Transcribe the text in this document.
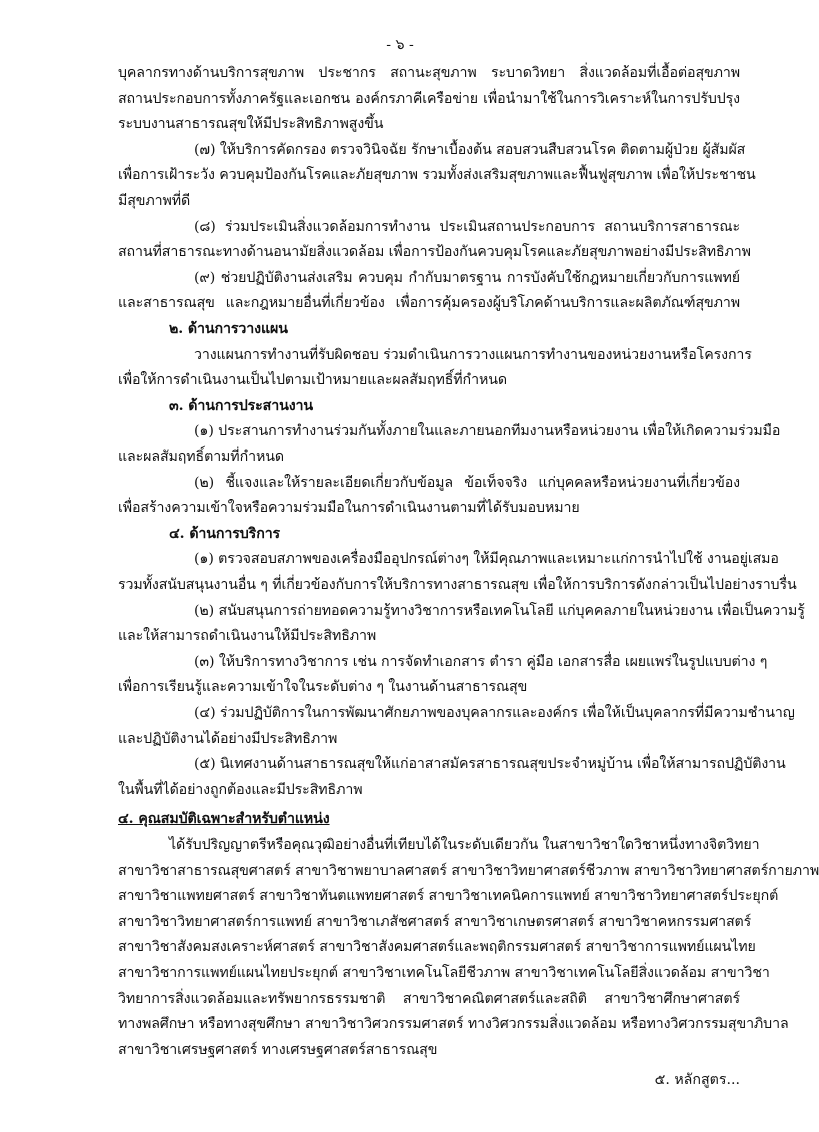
- ๖ -
บุคลากรทางด้านบริการสุขภาพ ประชากร สถานะสุขภาพ ระบาดวิทยา สิ่งแวดล้อมที่เอื้อต่อสุขภาพ
สถานประกอบการทั้งภาครัฐและเอกชน องค์กรภาคีเครือข่าย เพื่อนำมาใช้ในการวิเคราะห์ในการปรับปรุง
ระบบงานสาธารณสุขให้มีประสิทธิภาพสูงขึ้น
(๗) ให้บริการคัดกรอง ตรวจวินิจฉัย รักษาเบื้องต้น สอบสวนสืบสวนโรค ติดตามผู้ป่วย ผู้สัมผัส
เพื่อการเฝ้าระวัง ควบคุมป้องกันโรคและภัยสุขภาพ รวมทั้งส่งเสริมสุขภาพและฟื้นฟูสุขภาพ เพื่อให้ประชาชน
มีสุขภาพที่ดี
(๘) ร่วมประเมินสิ่งแวดล้อมการทำงาน ประเมินสถานประกอบการ สถานบริการสาธารณะ
สถานที่สาธารณะทางด้านอนามัยสิ่งแวดล้อม เพื่อการป้องกันควบคุมโรคและภัยสุขภาพอย่างมีประสิทธิภาพ
(๙) ช่วยปฏิบัติงานส่งเสริม ควบคุม กำกับมาตรฐาน การบังคับใช้กฎหมายเกี่ยวกับการแพทย์
และสาธารณสุข และกฎหมายอื่นที่เกี่ยวข้อง เพื่อการคุ้มครองผู้บริโภคด้านบริการและผลิตภัณฑ์สุขภาพ
๒. ด้านการวางแผน
วางแผนการทำงานที่รับผิดชอบ ร่วมดำเนินการวางแผนการทำงานของหน่วยงานหรือโครงการ
เพื่อให้การดำเนินงานเป็นไปตามเป้าหมายและผลสัมฤทธิ์ที่กำหนด
๓. ด้านการประสานงาน
(๑) ประสานการทำงานร่วมกันทั้งภายในและภายนอกทีมงานหรือหน่วยงาน เพื่อให้เกิดความร่วมมือ
และผลสัมฤทธิ์ตามที่กำหนด
(๒) ชี้แจงและให้รายละเอียดเกี่ยวกับข้อมูล ข้อเท็จจริง แก่บุคคลหรือหน่วยงานที่เกี่ยวข้อง
เพื่อสร้างความเข้าใจหรือความร่วมมือในการดำเนินงานตามที่ได้รับมอบหมาย
๔. ด้านการบริการ
(๑) ตรวจสอบสภาพของเครื่องมืออุปกรณ์ต่างๆ ให้มีคุณภาพและเหมาะแก่การนำไปใช้ งานอยู่เสมอ
รวมทั้งสนับสนุนงานอื่น ๆ ที่เกี่ยวข้องกับการให้บริการทางสาธารณสุข เพื่อให้การบริการดังกล่าวเป็นไปอย่างราบรื่น
(๒) สนับสนุนการถ่ายทอดความรู้ทางวิชาการหรือเทคโนโลยี แก่บุคคลภายในหน่วยงาน เพื่อเป็นความรู้
และให้สามารถดำเนินงานให้มีประสิทธิภาพ
(๓) ให้บริการทางวิชาการ เช่น การจัดทำเอกสาร ตำรา คู่มือ เอกสารสื่อ เผยแพร่ในรูปแบบต่าง ๆ
เพื่อการเรียนรู้และความเข้าใจในระดับต่าง ๆ ในงานด้านสาธารณสุข
(๔) ร่วมปฏิบัติการในการพัฒนาศักยภาพของบุคลากรและองค์กร เพื่อให้เป็นบุคลากรที่มีความชำนาญ
และปฏิบัติงานได้อย่างมีประสิทธิภาพ
(๕) นิเทศงานด้านสาธารณสุขให้แก่อาสาสมัครสาธารณสุขประจำหมู่บ้าน เพื่อให้สามารถปฏิบัติงาน
ในพื้นที่ได้อย่างถูกต้องและมีประสิทธิภาพ
๔. คุณสมบัติเฉพาะสำหรับตำแหน่ง
ได้รับปริญญาตรีหรือคุณวุฒิอย่างอื่นที่เทียบได้ในระดับเดียวกัน ในสาขาวิชาใดวิชาหนึ่งทางจิตวิทยา
สาขาวิชาสาธารณสุขศาสตร์ สาขาวิชาพยาบาลศาสตร์ สาขาวิชาวิทยาศาสตร์ชีวภาพ สาขาวิชาวิทยาศาสตร์กายภาพ
สาขาวิชาแพทยศาสตร์ สาขาวิชาทันตแพทยศาสตร์ สาขาวิชาเทคนิคการแพทย์ สาขาวิชาวิทยาศาสตร์ประยุกต์
สาขาวิชาวิทยาศาสตร์การแพทย์ สาขาวิชาเภสัชศาสตร์ สาขาวิชาเกษตรศาสตร์ สาขาวิชาคหกรรมศาสตร์
สาขาวิชาสังคมสงเคราะห์ศาสตร์ สาขาวิชาสังคมศาสตร์และพฤติกรรมศาสตร์ สาขาวิชาการแพทย์แผนไทย
สาขาวิชาการแพทย์แผนไทยประยุกต์ สาขาวิชาเทคโนโลยีชีวภาพ สาขาวิชาเทคโนโลยีสิ่งแวดล้อม สาขาวิชา
วิทยาการสิ่งแวดล้อมและทรัพยากรธรรมชาติ สาขาวิชาคณิตศาสตร์และสถิติ สาขาวิชาศึกษาศาสตร์
ทางพลศึกษา หรือทางสุขศึกษา สาขาวิชาวิศวกรรมศาสตร์ ทางวิศวกรรมสิ่งแวดล้อม หรือทางวิศวกรรมสุขาภิบาล
สาขาวิชาเศรษฐศาสตร์ ทางเศรษฐศาสตร์สาธารณสุข
๕. หลักสูตร...
